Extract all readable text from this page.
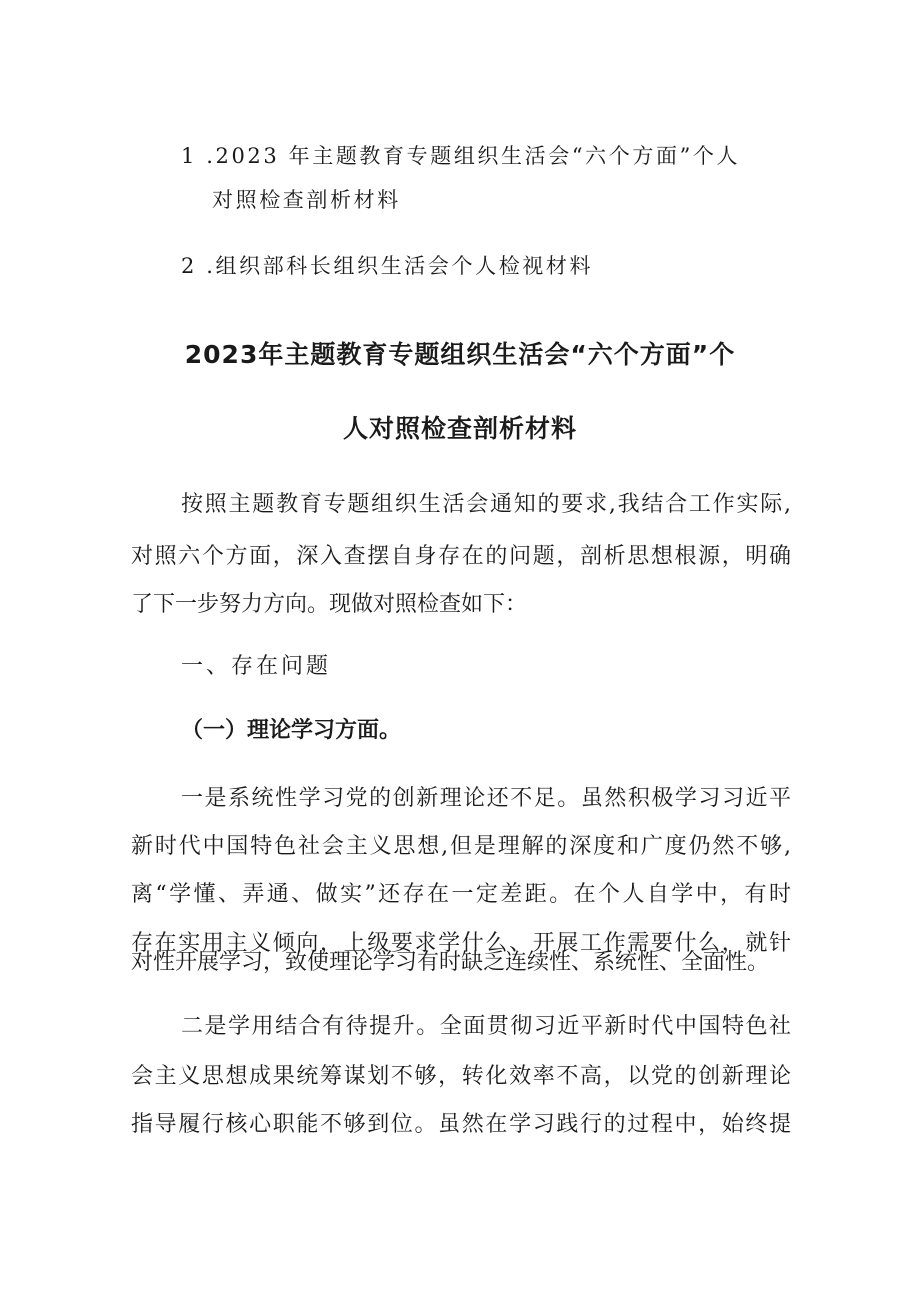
1 .2023 年主题教育专题组织生活会“六个方面”个人
对照检查剖析材料
2 .组织部科长组织生活会个人检视材料
2023年主题教育专题组织生活会“六个方面”个
人对照检查剖析材料
按照主题教育专题组织生活会通知的要求,我结合工作实际,
对照六个方面，深入查摆自身存在的问题，剖析思想根源，明确
了下一步努力方向。现做对照检查如下：
一、存在问题
（一）理论学习方面。
一是系统性学习党的创新理论还不足。虽然积极学习习近平
新时代中国特色社会主义思想,但是理解的深度和广度仍然不够,
离“学懂、弄通、做实”还存在一定差距。在个人自学中，有时
存在实用主义倾向，上级要求学什么、开展工作需要什么，就针
对性开展学习，致使理论学习有时缺乏连续性、系统性、全面性。
二是学用结合有待提升。全面贯彻习近平新时代中国特色社
会主义思想成果统筹谋划不够，转化效率不高，以党的创新理论
指导履行核心职能不够到位。虽然在学习践行的过程中，始终提
